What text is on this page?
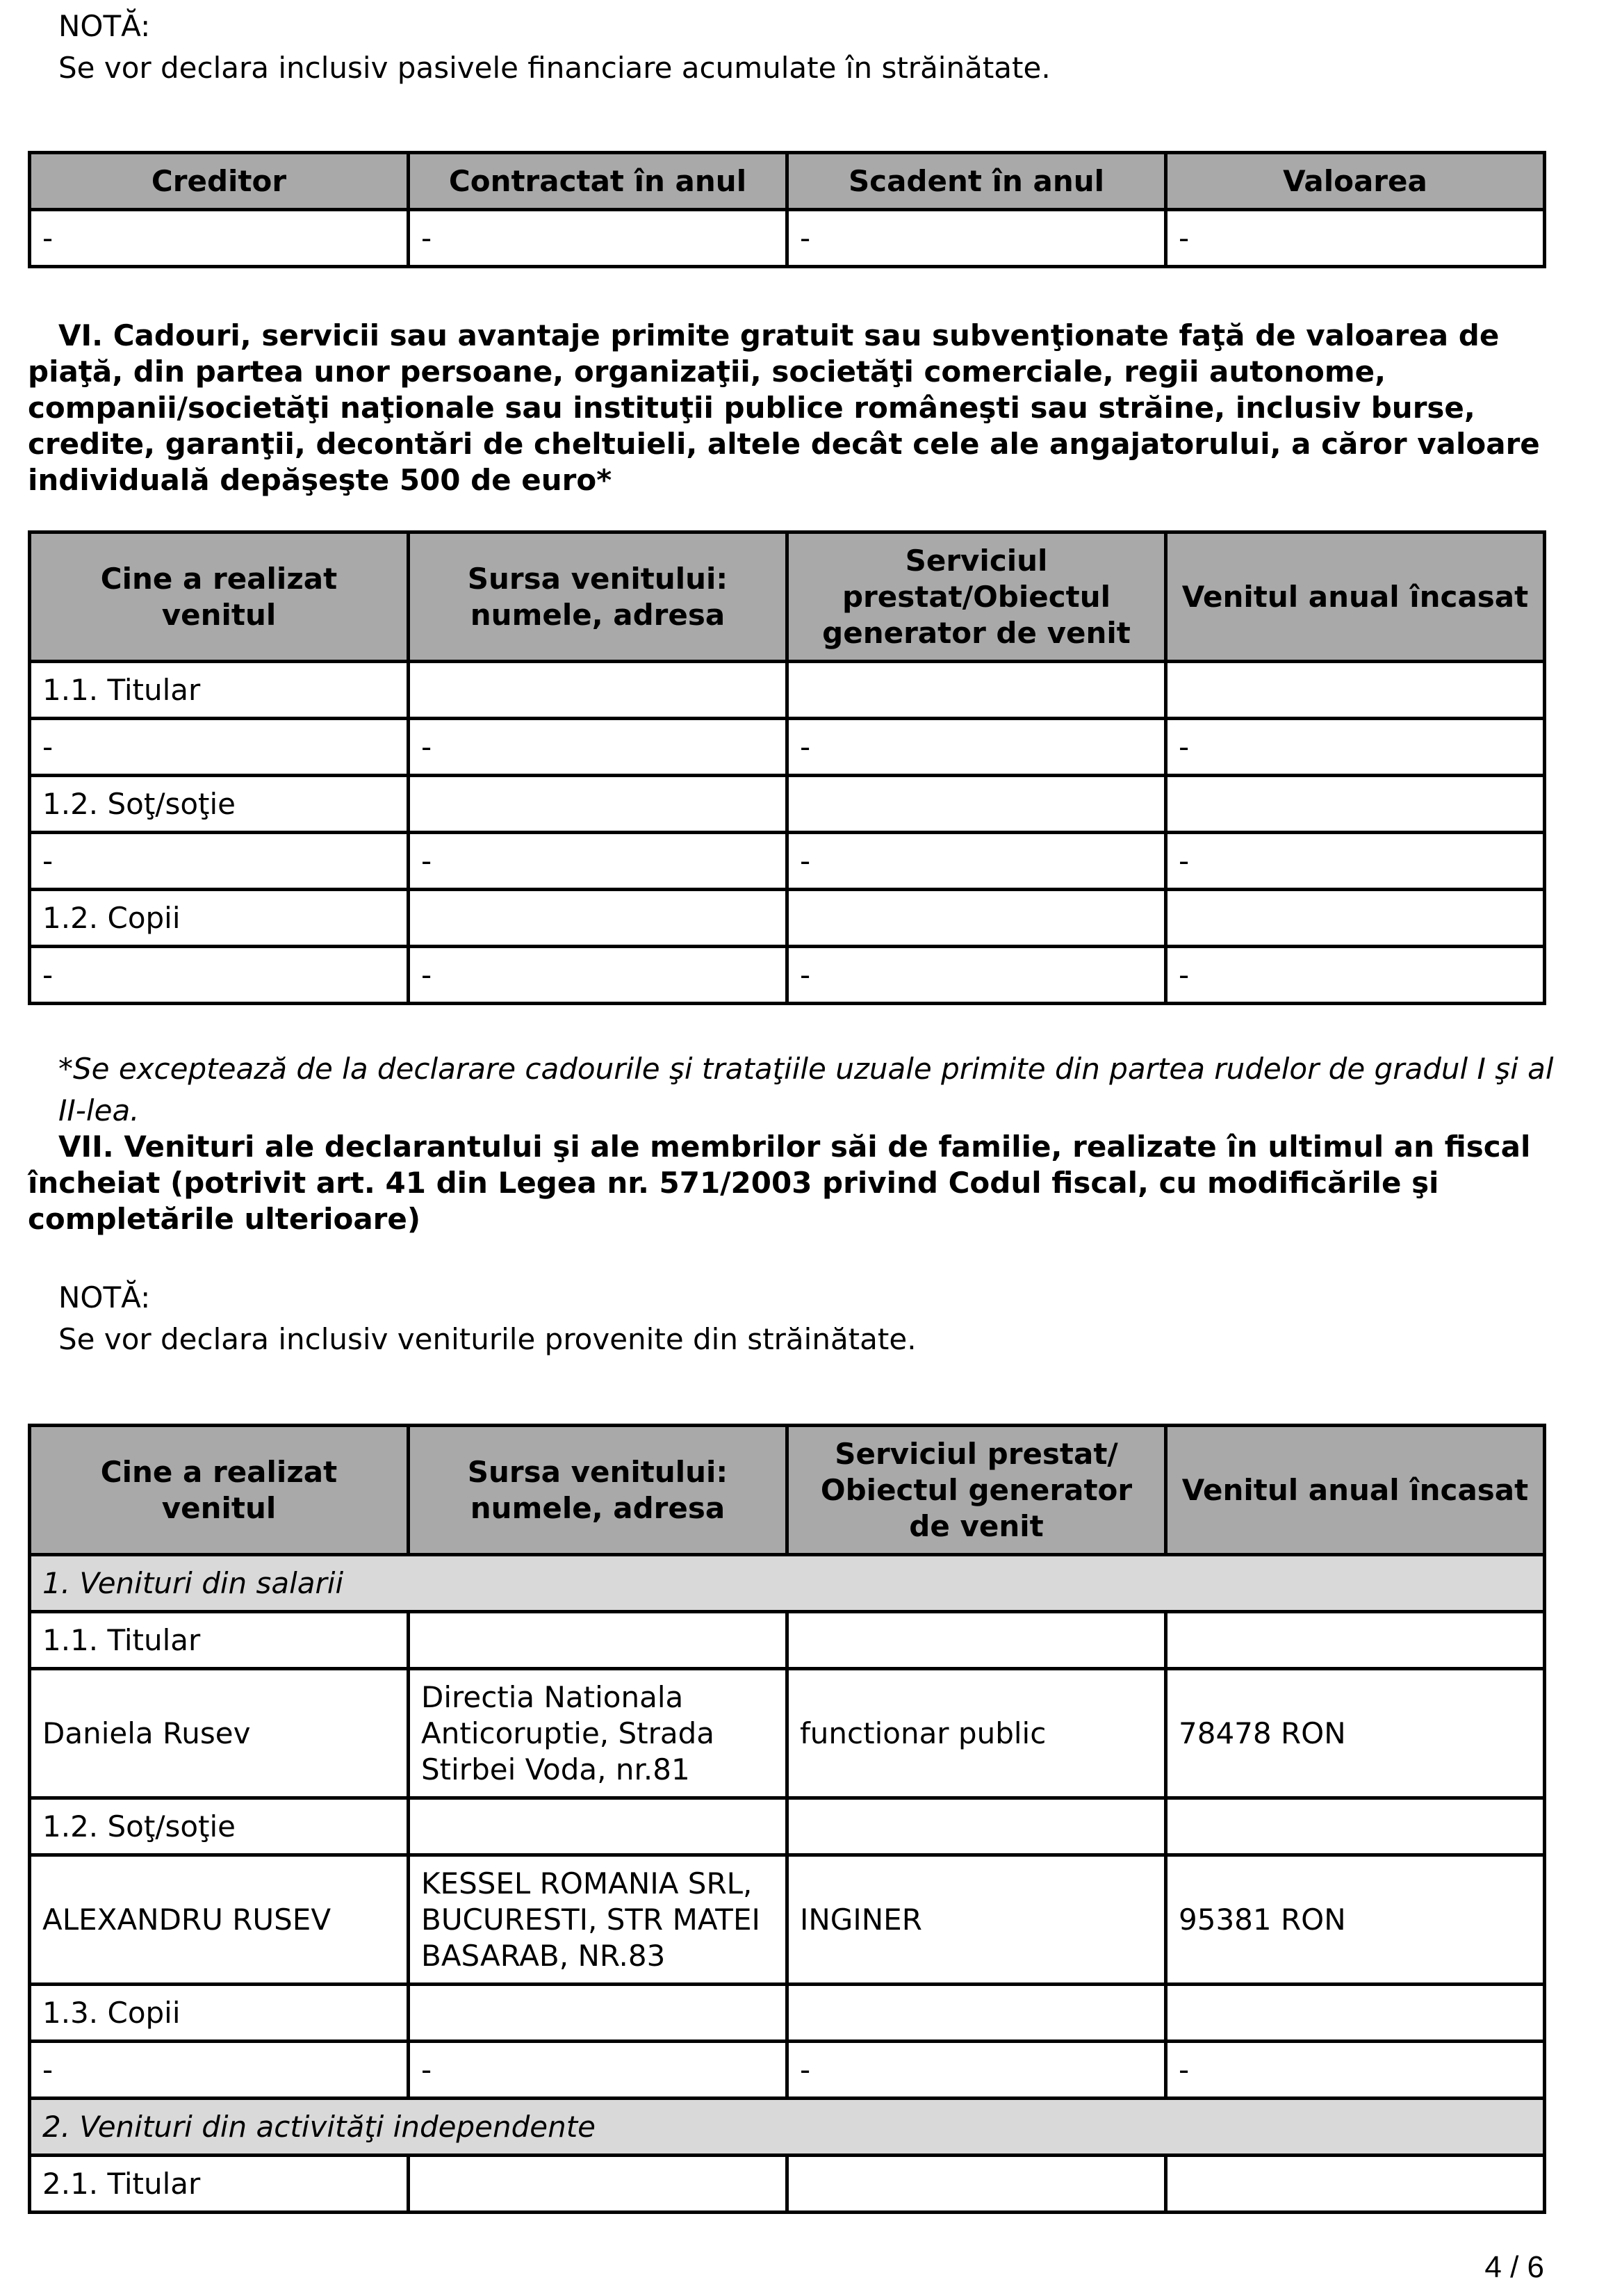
NOTĂ:
Se vor declara inclusiv pasivele financiare acumulate în străinătate.
Creditor	Contractat în anul	Scadent în anul	Valoarea
-	-	-	-
VI. Cadouri, servicii sau avantaje primite gratuit sau subvenţionate faţă de valoarea de piaţă, din partea unor persoane, organizaţii, societăţi comerciale, regii autonome, companii/societăţi naţionale sau instituţii publice româneşti sau străine, inclusiv burse, credite, garanţii, decontări de cheltuieli, altele decât cele ale angajatorului, a căror valoare individuală depăşeşte 500 de euro*
Cine a realizat venitul	Sursa venitului: numele, adresa	Serviciul prestat/Obiectul generator de venit	Venitul anual încasat
1.1. Titular			
-	-	-	-
1.2. Soţ/soţie			
-	-	-	-
1.2. Copii			
-	-	-	-
*Se exceptează de la declarare cadourile şi trataţiile uzuale primite din partea rudelor de gradul I şi al II-lea.
VII. Venituri ale declarantului şi ale membrilor săi de familie, realizate în ultimul an fiscal încheiat (potrivit art. 41 din Legea nr. 571/2003 privind Codul fiscal, cu modificările şi completările ulterioare)
NOTĂ:
Se vor declara inclusiv veniturile provenite din străinătate.
Cine a realizat venitul	Sursa venitului: numele, adresa	Serviciul prestat/ Obiectul generator de venit	Venitul anual încasat
1. Venituri din salarii			
1.1. Titular			
Daniela Rusev	Directia Nationala Anticoruptie, Strada Stirbei Voda, nr.81	functionar public	78478 RON
1.2. Soţ/soţie			
ALEXANDRU RUSEV	KESSEL ROMANIA SRL, BUCURESTI, STR MATEI BASARAB, NR.83	INGINER	95381 RON
1.3. Copii			
-	-	-	-
2. Venituri din activităţi independente			
2.1. Titular			
4 / 6
